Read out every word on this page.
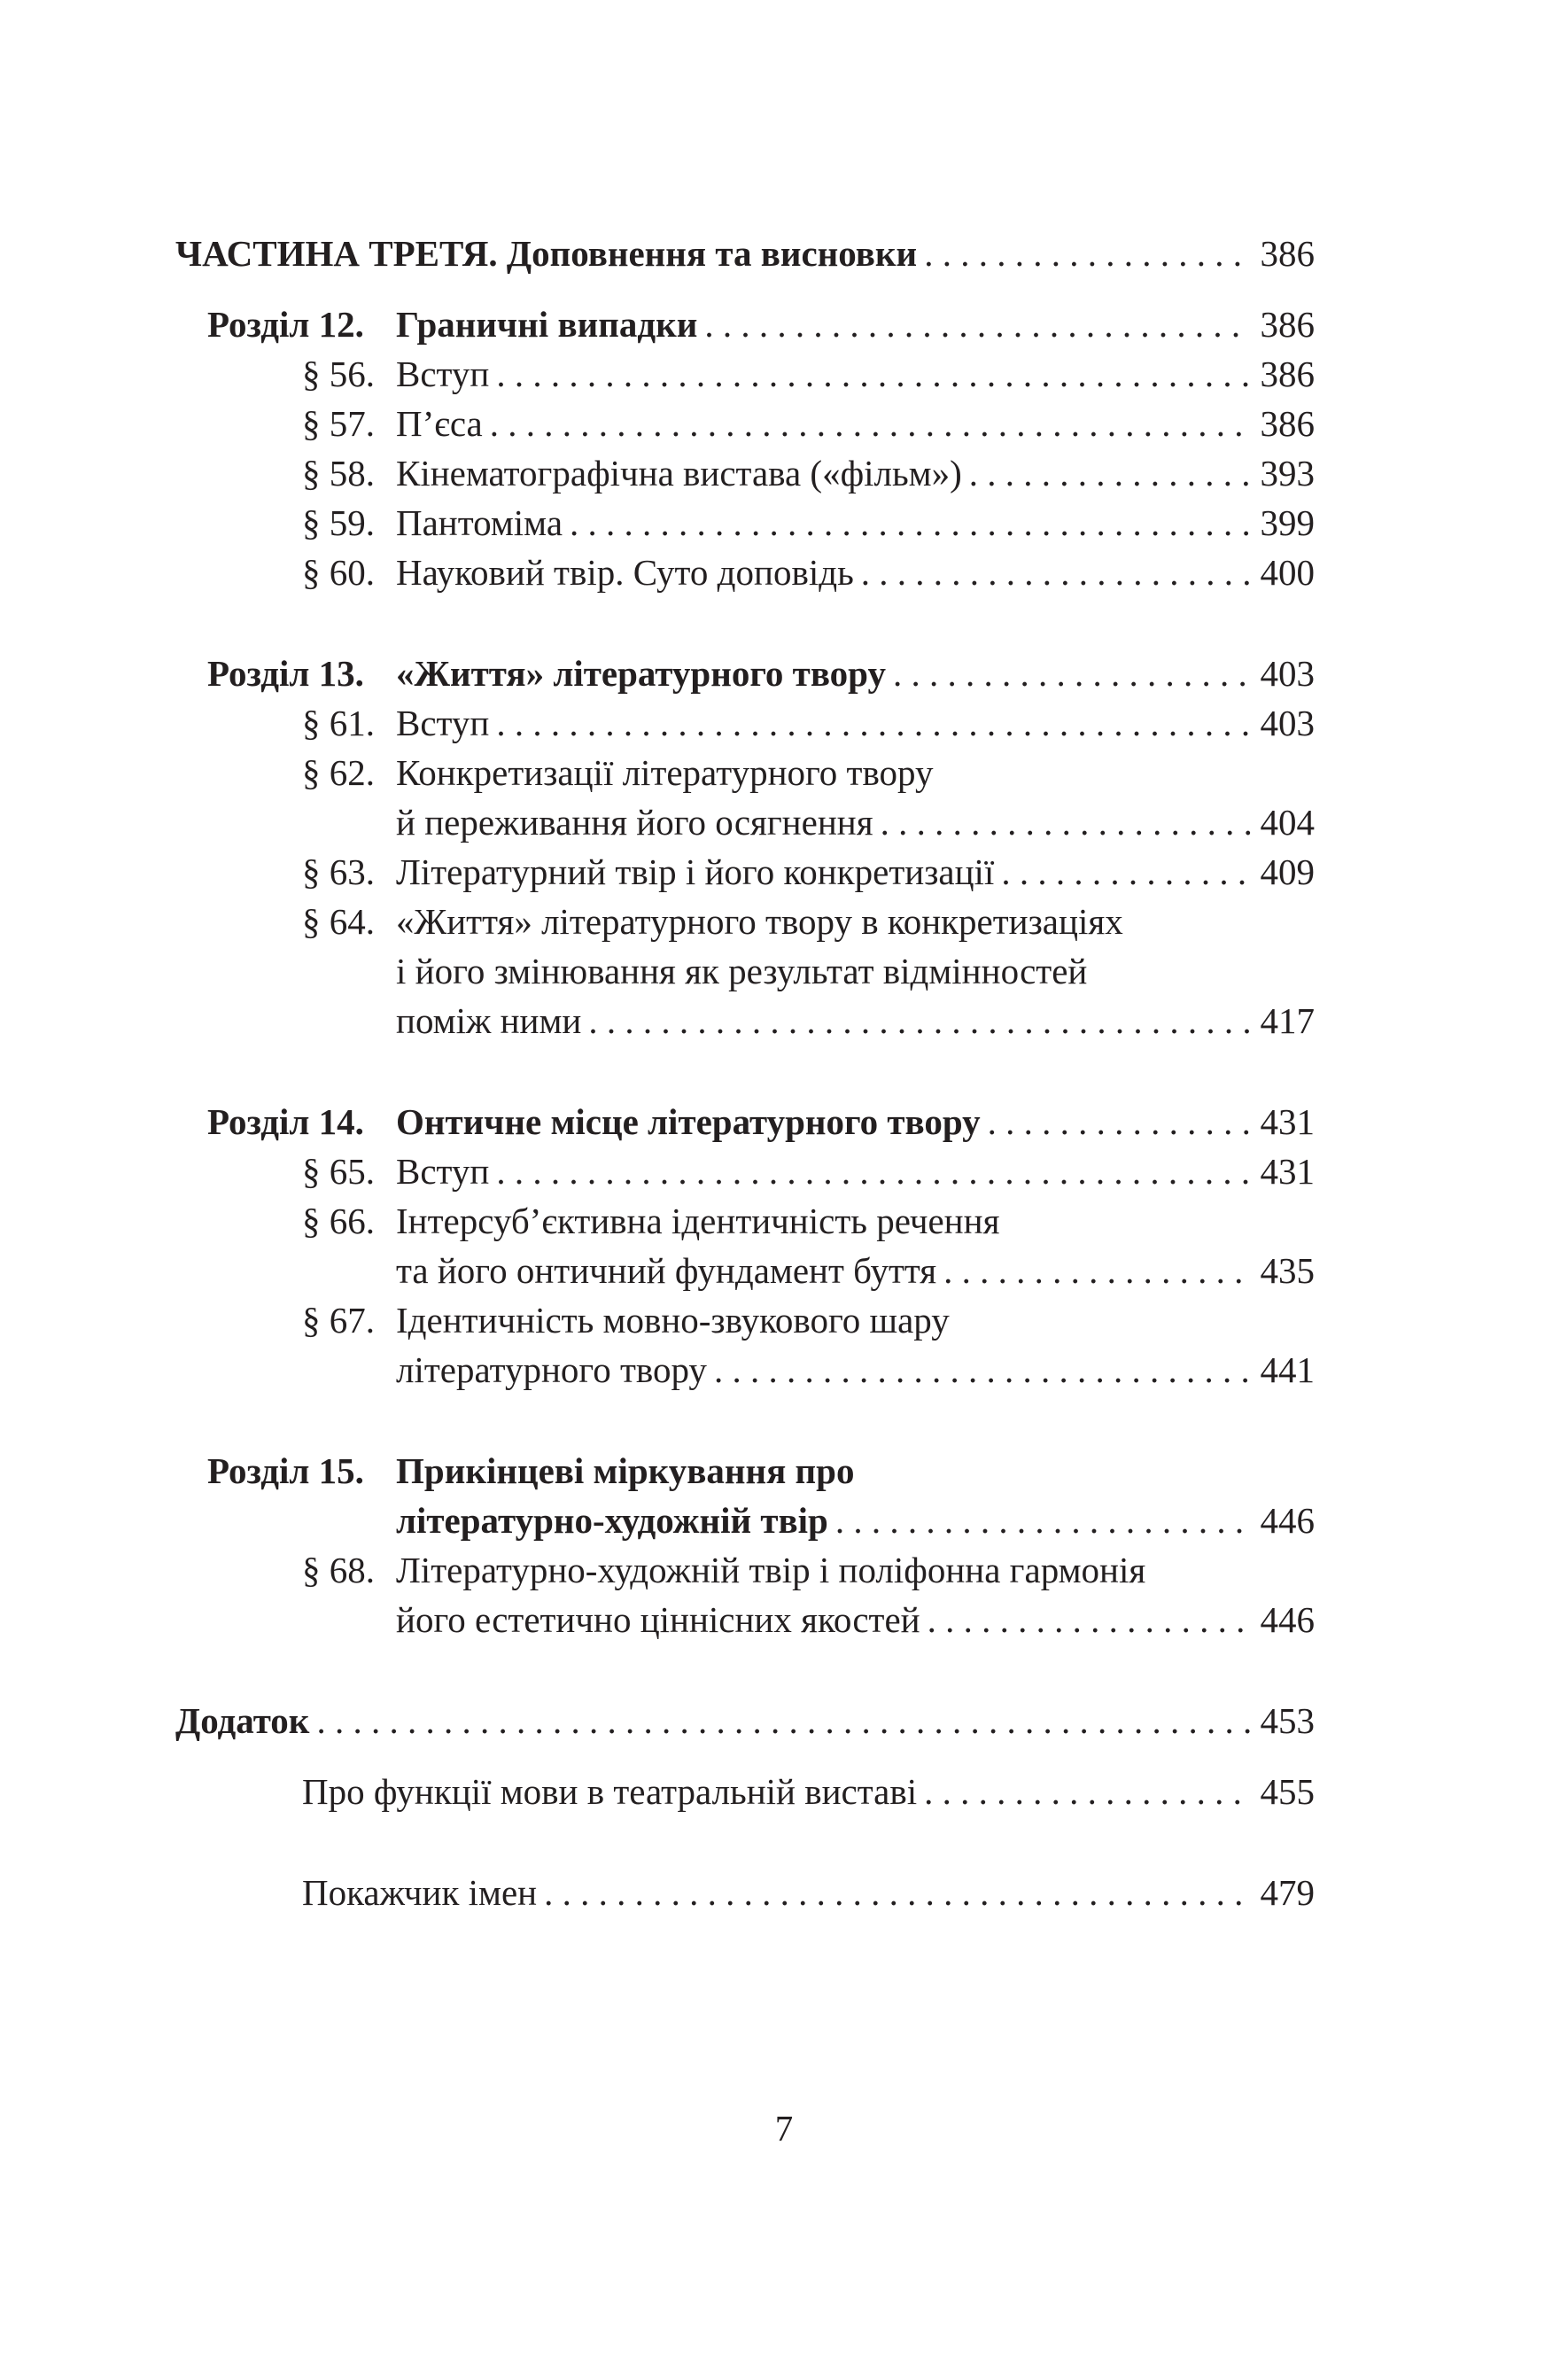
ЧАСТИНА ТРЕТЯ. Доповнення та висновки . . .	386
Розділ 12. Граничні випадки . . .	386
§ 56. Вступ . . .	386
§ 57. П’єса . . .	386
§ 58. Кінематографічна вистава («фільм») . . .	393
§ 59. Пантоміма . . .	399
§ 60. Науковий твір. Суто доповідь . . .	400
Розділ 13. «Життя» літературного твору . . .	403
§ 61. Вступ . . .	403
§ 62. Конкретизації літературного твору
й переживання його осягнення . . .	404
§ 63. Літературний твір і його конкретизації . . .	409
§ 64. «Життя» літературного твору в конкретизаціях
і його змінювання як результат відмінностей
поміж ними . . .	417
Розділ 14. Онтичне місце літературного твору . . .	431
§ 65. Вступ . . .	431
§ 66. Інтерсуб’єктивна ідентичність речення
та його онтичний фундамент буття . . .	435
§ 67. Ідентичність мовно-звукового шару
літературного твору . . .	441
Розділ 15. Прикінцеві міркування про
літературно-художній твір . . .	446
§ 68. Літературно-художній твір і поліфонна гармонія
його естетично ціннісних якостей . . .	446
Додаток . . .	453
Про функції мови в театральній виставі . . .	455
Покажчик імен . . .	479
7
